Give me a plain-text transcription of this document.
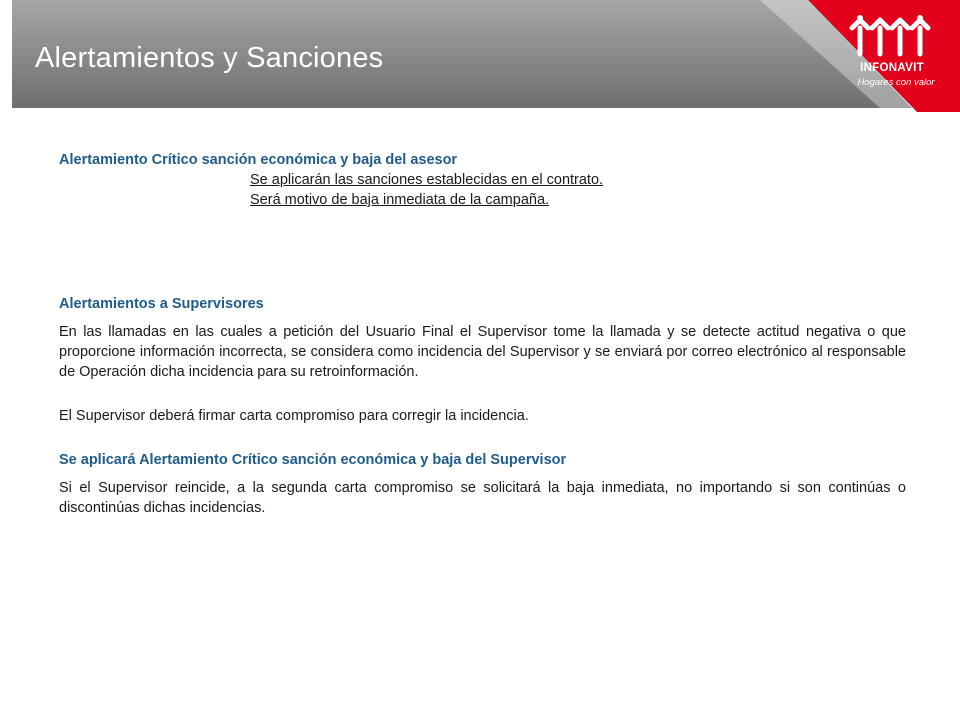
Alertamientos y Sanciones	INFONAVIT
Hogares con valor

Alertamiento Crítico sanción económica y baja del asesor

Se aplicarán las sanciones establecidas en el contrato.

Será motivo de baja inmediata de la campaña.

Alertamientos a Supervisores

En las llamadas en las cuales a petición del Usuario Final el Supervisor tome la llamada y se detecte actitud negativa o que proporcione información incorrecta, se considera como incidencia del Supervisor y se enviará por correo electrónico al responsable de Operación dicha incidencia para su retroinformación.

El Supervisor deberá firmar carta compromiso para corregir la incidencia.

Se aplicará Alertamiento Crítico sanción económica y baja del Supervisor

Si el Supervisor reincide, a la segunda carta compromiso se solicitará la baja inmediata, no importando si son continúas o discontinúas dichas incidencias.
